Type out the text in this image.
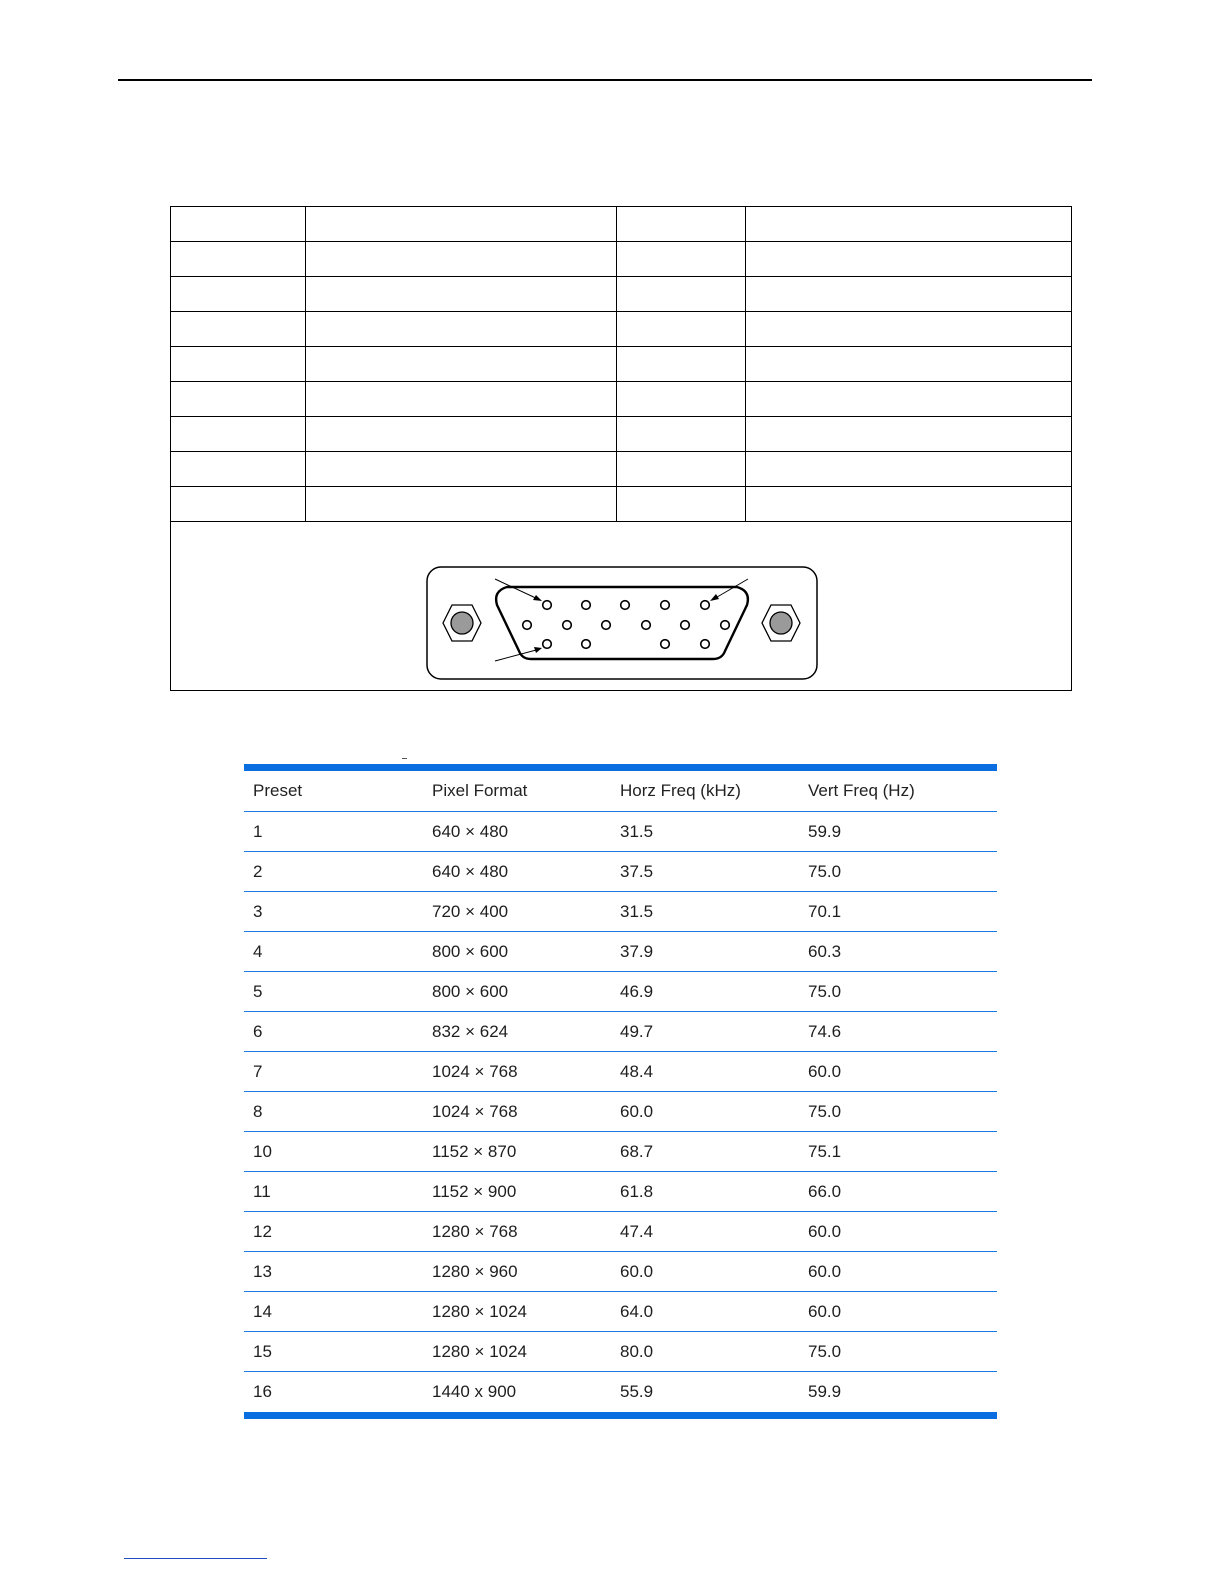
Preset	Pixel Format	Horz Freq (kHz)	Vert Freq (Hz)
1	640 × 480	31.5	59.9
2	640 × 480	37.5	75.0
3	720 × 400	31.5	70.1
4	800 × 600	37.9	60.3
5	800 × 600	46.9	75.0
6	832 × 624	49.7	74.6
7	1024 × 768	48.4	60.0
8	1024 × 768	60.0	75.0
10	1152 × 870	68.7	75.1
11	1152 × 900	61.8	66.0
12	1280 × 768	47.4	60.0
13	1280 × 960	60.0	60.0
14	1280 × 1024	64.0	60.0
15	1280 × 1024	80.0	75.0
16	1440 x 900	55.9	59.9
